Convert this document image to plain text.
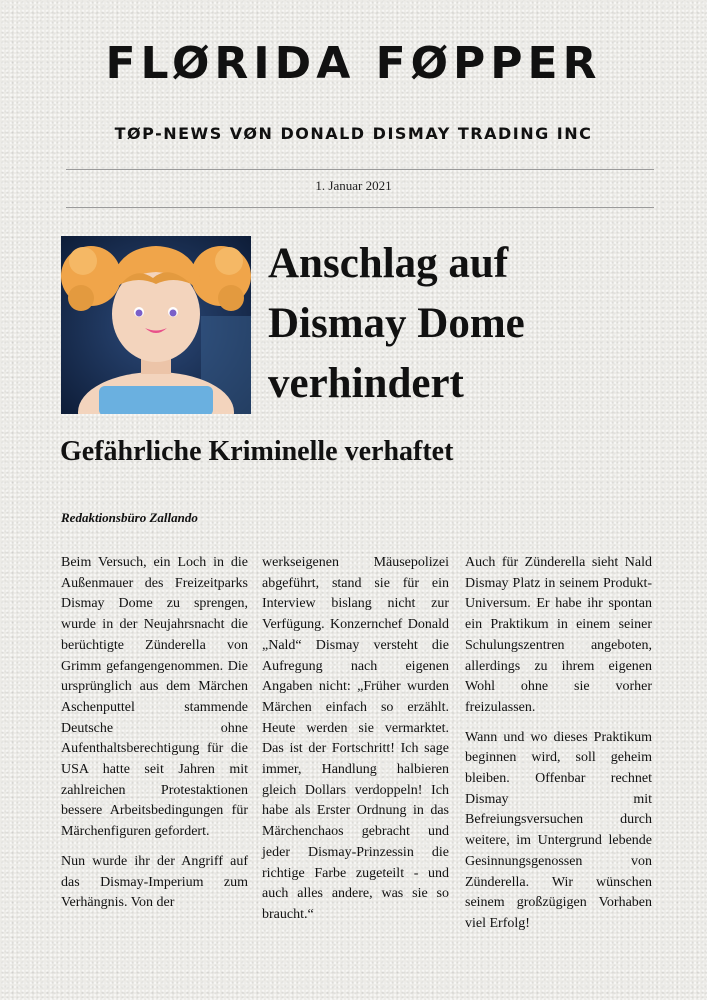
FLØRIDA FØPPER
TØP-NEWS VØN DONALD DISMAY TRADING INC
1. Januar 2021
Anschlag auf
Dismay Dome
verhindert
Gefährliche Kriminelle verhaftet
Redaktionsbüro Zallando

Beim Versuch, ein Loch in die Außenmauer des Freizeitparks Dismay Dome zu sprengen, wurde in der Neujahrsnacht die berüchtigte Zünderella von Grimm gefangengenommen. Die ursprünglich aus dem Märchen Aschenputtel stammende Deutsche ohne Aufenthaltsberechtigung für die USA hatte seit Jahren mit zahlreichen Protestaktionen bessere Arbeitsbedingungen für Märchenfiguren gefordert.

Nun wurde ihr der Angriff auf das Dismay-Imperium zum Verhängnis. Von der

werkseigenen Mäusepolizei abgeführt, stand sie für ein Interview bislang nicht zur Verfügung. Konzernchef Donald „Nald“ Dismay versteht die Aufregung nach eigenen Angaben nicht: „Früher wurden Märchen einfach so erzählt. Heute werden sie vermarktet. Das ist der Fortschritt! Ich sage immer, Handlung halbieren gleich Dollars verdoppeln! Ich habe als Erster Ordnung in das Märchenchaos gebracht und jeder Dismay-Prinzessin die richtige Farbe zugeteilt - und auch alles andere, was sie so braucht.“

Auch für Zünderella sieht Nald Dismay Platz in seinem Produkt-Universum. Er habe ihr spontan ein Praktikum in einem seiner Schulungszentren angeboten, allerdings zu ihrem eigenen Wohl ohne sie vorher freizulassen.

Wann und wo dieses Praktikum beginnen wird, soll geheim bleiben. Offenbar rechnet Dismay mit Befreiungsversuchen durch weitere, im Untergrund lebende Gesinnungsgenossen von Zünderella. Wir wünschen seinem großzügigen Vorhaben viel Erfolg!
